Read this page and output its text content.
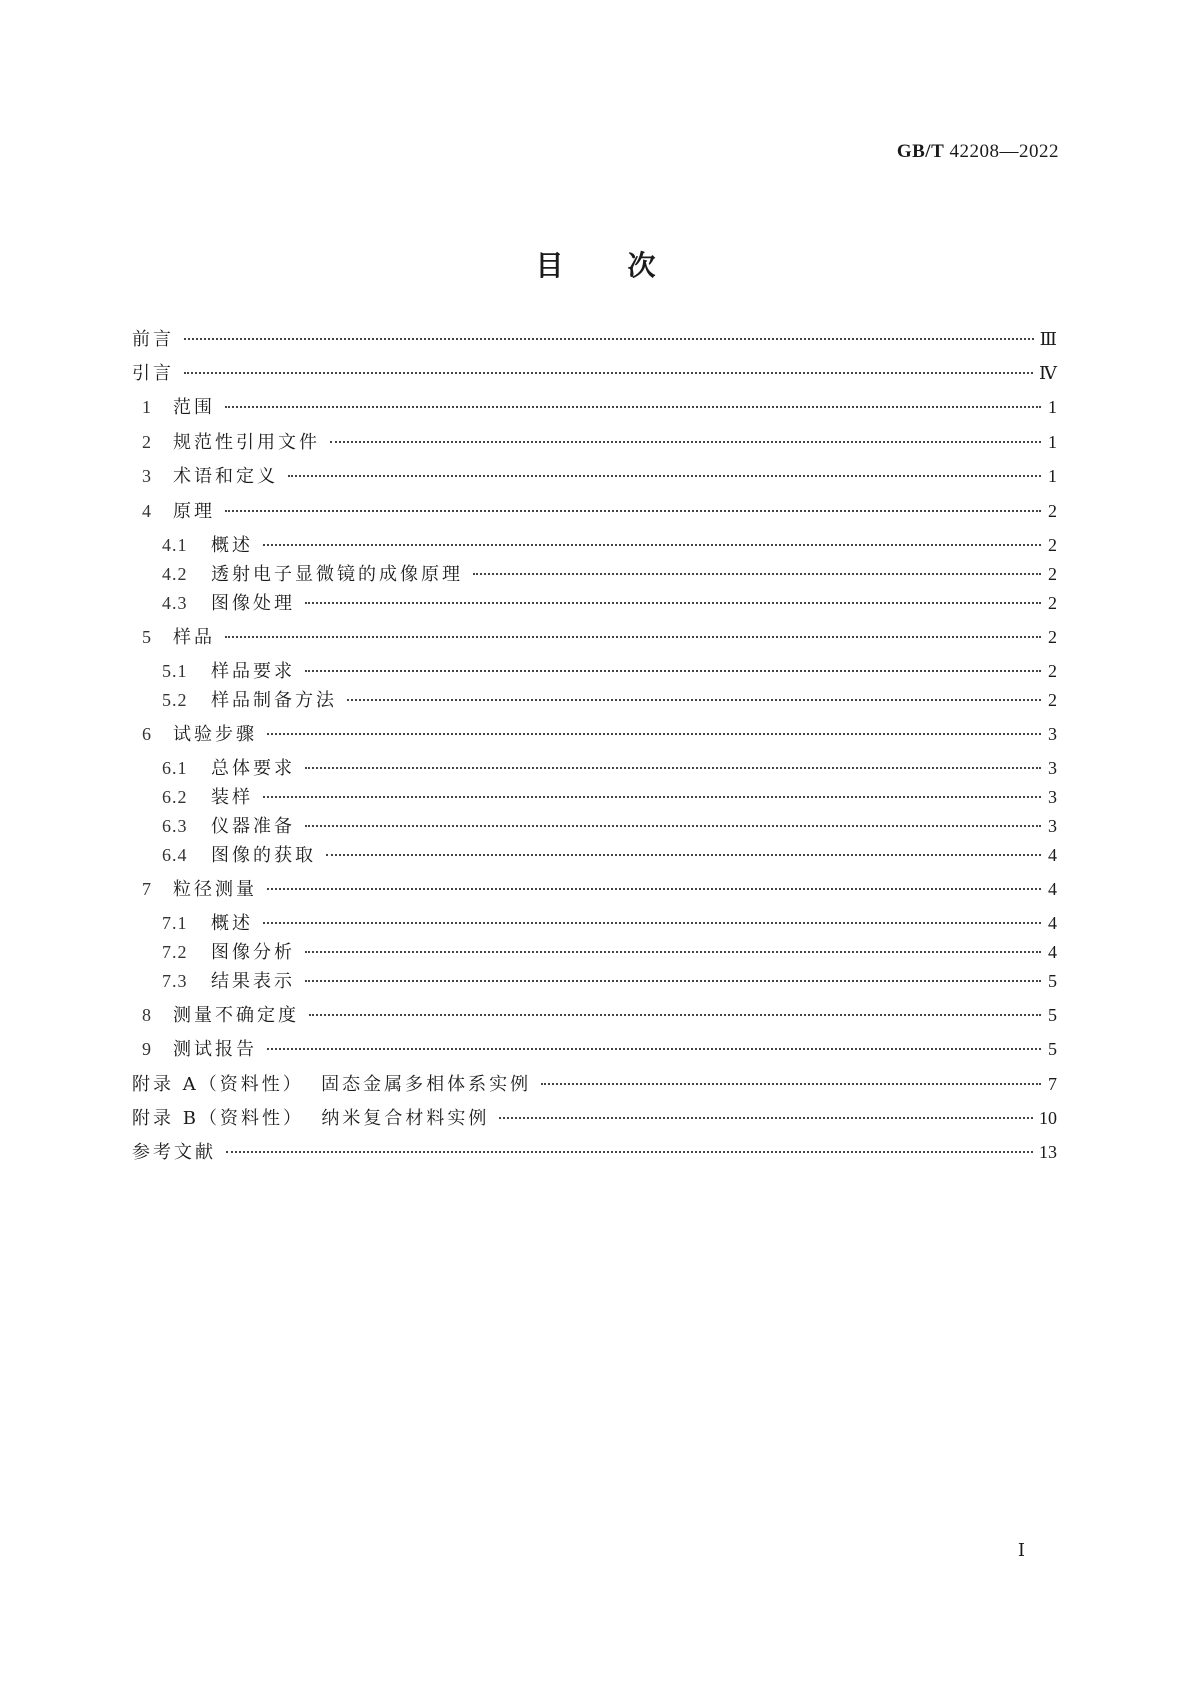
GB/T 42208—2022
目 次
前言	Ⅲ
引言	Ⅳ
1	范围	1
2	规范性引用文件	1
3	术语和定义	1
4	原理	2
4.1	概述	2
4.2	透射电子显微镜的成像原理	2
4.3	图像处理	2
5	样品	2
5.1	样品要求	2
5.2	样品制备方法	2
6	试验步骤	3
6.1	总体要求	3
6.2	装样	3
6.3	仪器准备	3
6.4	图像的获取	4
7	粒径测量	4
7.1	概述	4
7.2	图像分析	4
7.3	结果表示	5
8	测量不确定度	5
9	测试报告	5
附录 A（资料性）  固态金属多相体系实例	7
附录 B（资料性）  纳米复合材料实例	10
参考文献	13
Ⅰ
